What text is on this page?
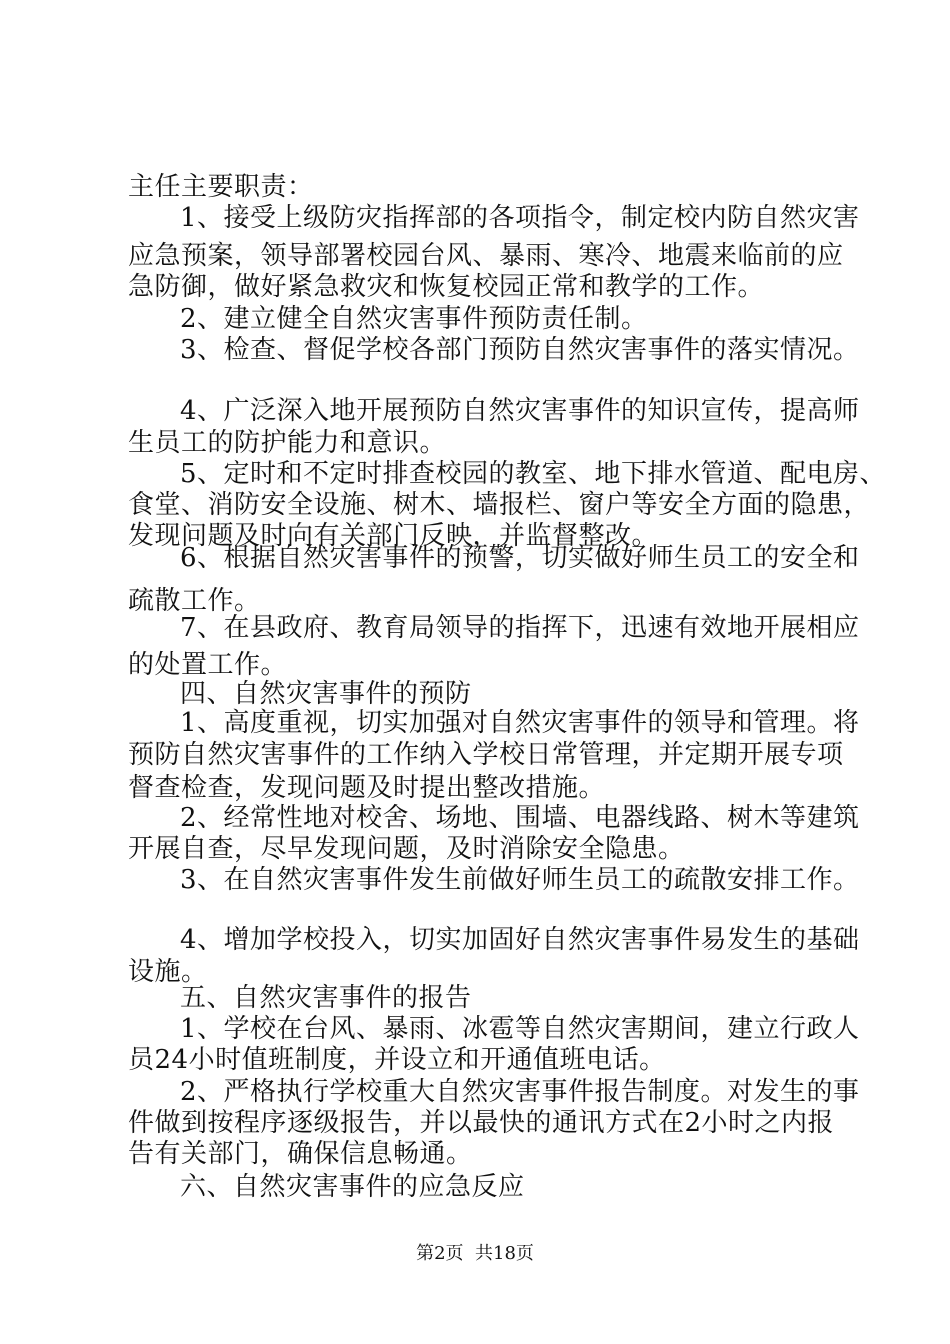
主任主要职责：
1、接受上级防灾指挥部的各项指令，制定校内防自然灾害
应急预案，领导部署校园台风、暴雨、寒冷、地震来临前的应
急防御，做好紧急救灾和恢复校园正常和教学的工作。
2、建立健全自然灾害事件预防责任制。
3、检查、督促学校各部门预防自然灾害事件的落实情况。
4、广泛深入地开展预防自然灾害事件的知识宣传，提高师
生员工的防护能力和意识。
5、定时和不定时排查校园的教室、地下排水管道、配电房、
食堂、消防安全设施、树木、墙报栏、窗户等安全方面的隐患，
发现问题及时向有关部门反映，并监督整改。
6、根据自然灾害事件的预警，切实做好师生员工的安全和
疏散工作。
7、在县政府、教育局领导的指挥下，迅速有效地开展相应
的处置工作。
四、自然灾害事件的预防
1、高度重视，切实加强对自然灾害事件的领导和管理。将
预防自然灾害事件的工作纳入学校日常管理，并定期开展专项
督查检查，发现问题及时提出整改措施。
2、经常性地对校舍、场地、围墙、电器线路、树木等建筑
开展自查，尽早发现问题，及时消除安全隐患。
3、在自然灾害事件发生前做好师生员工的疏散安排工作。
4、增加学校投入，切实加固好自然灾害事件易发生的基础
设施。
五、自然灾害事件的报告
1、学校在台风、暴雨、冰雹等自然灾害期间，建立行政人
员24小时值班制度，并设立和开通值班电话。
2、严格执行学校重大自然灾害事件报告制度。对发生的事
件做到按程序逐级报告，并以最快的通讯方式在2小时之内报
告有关部门，确保信息畅通。
六、自然灾害事件的应急反应
第2页  共18页
